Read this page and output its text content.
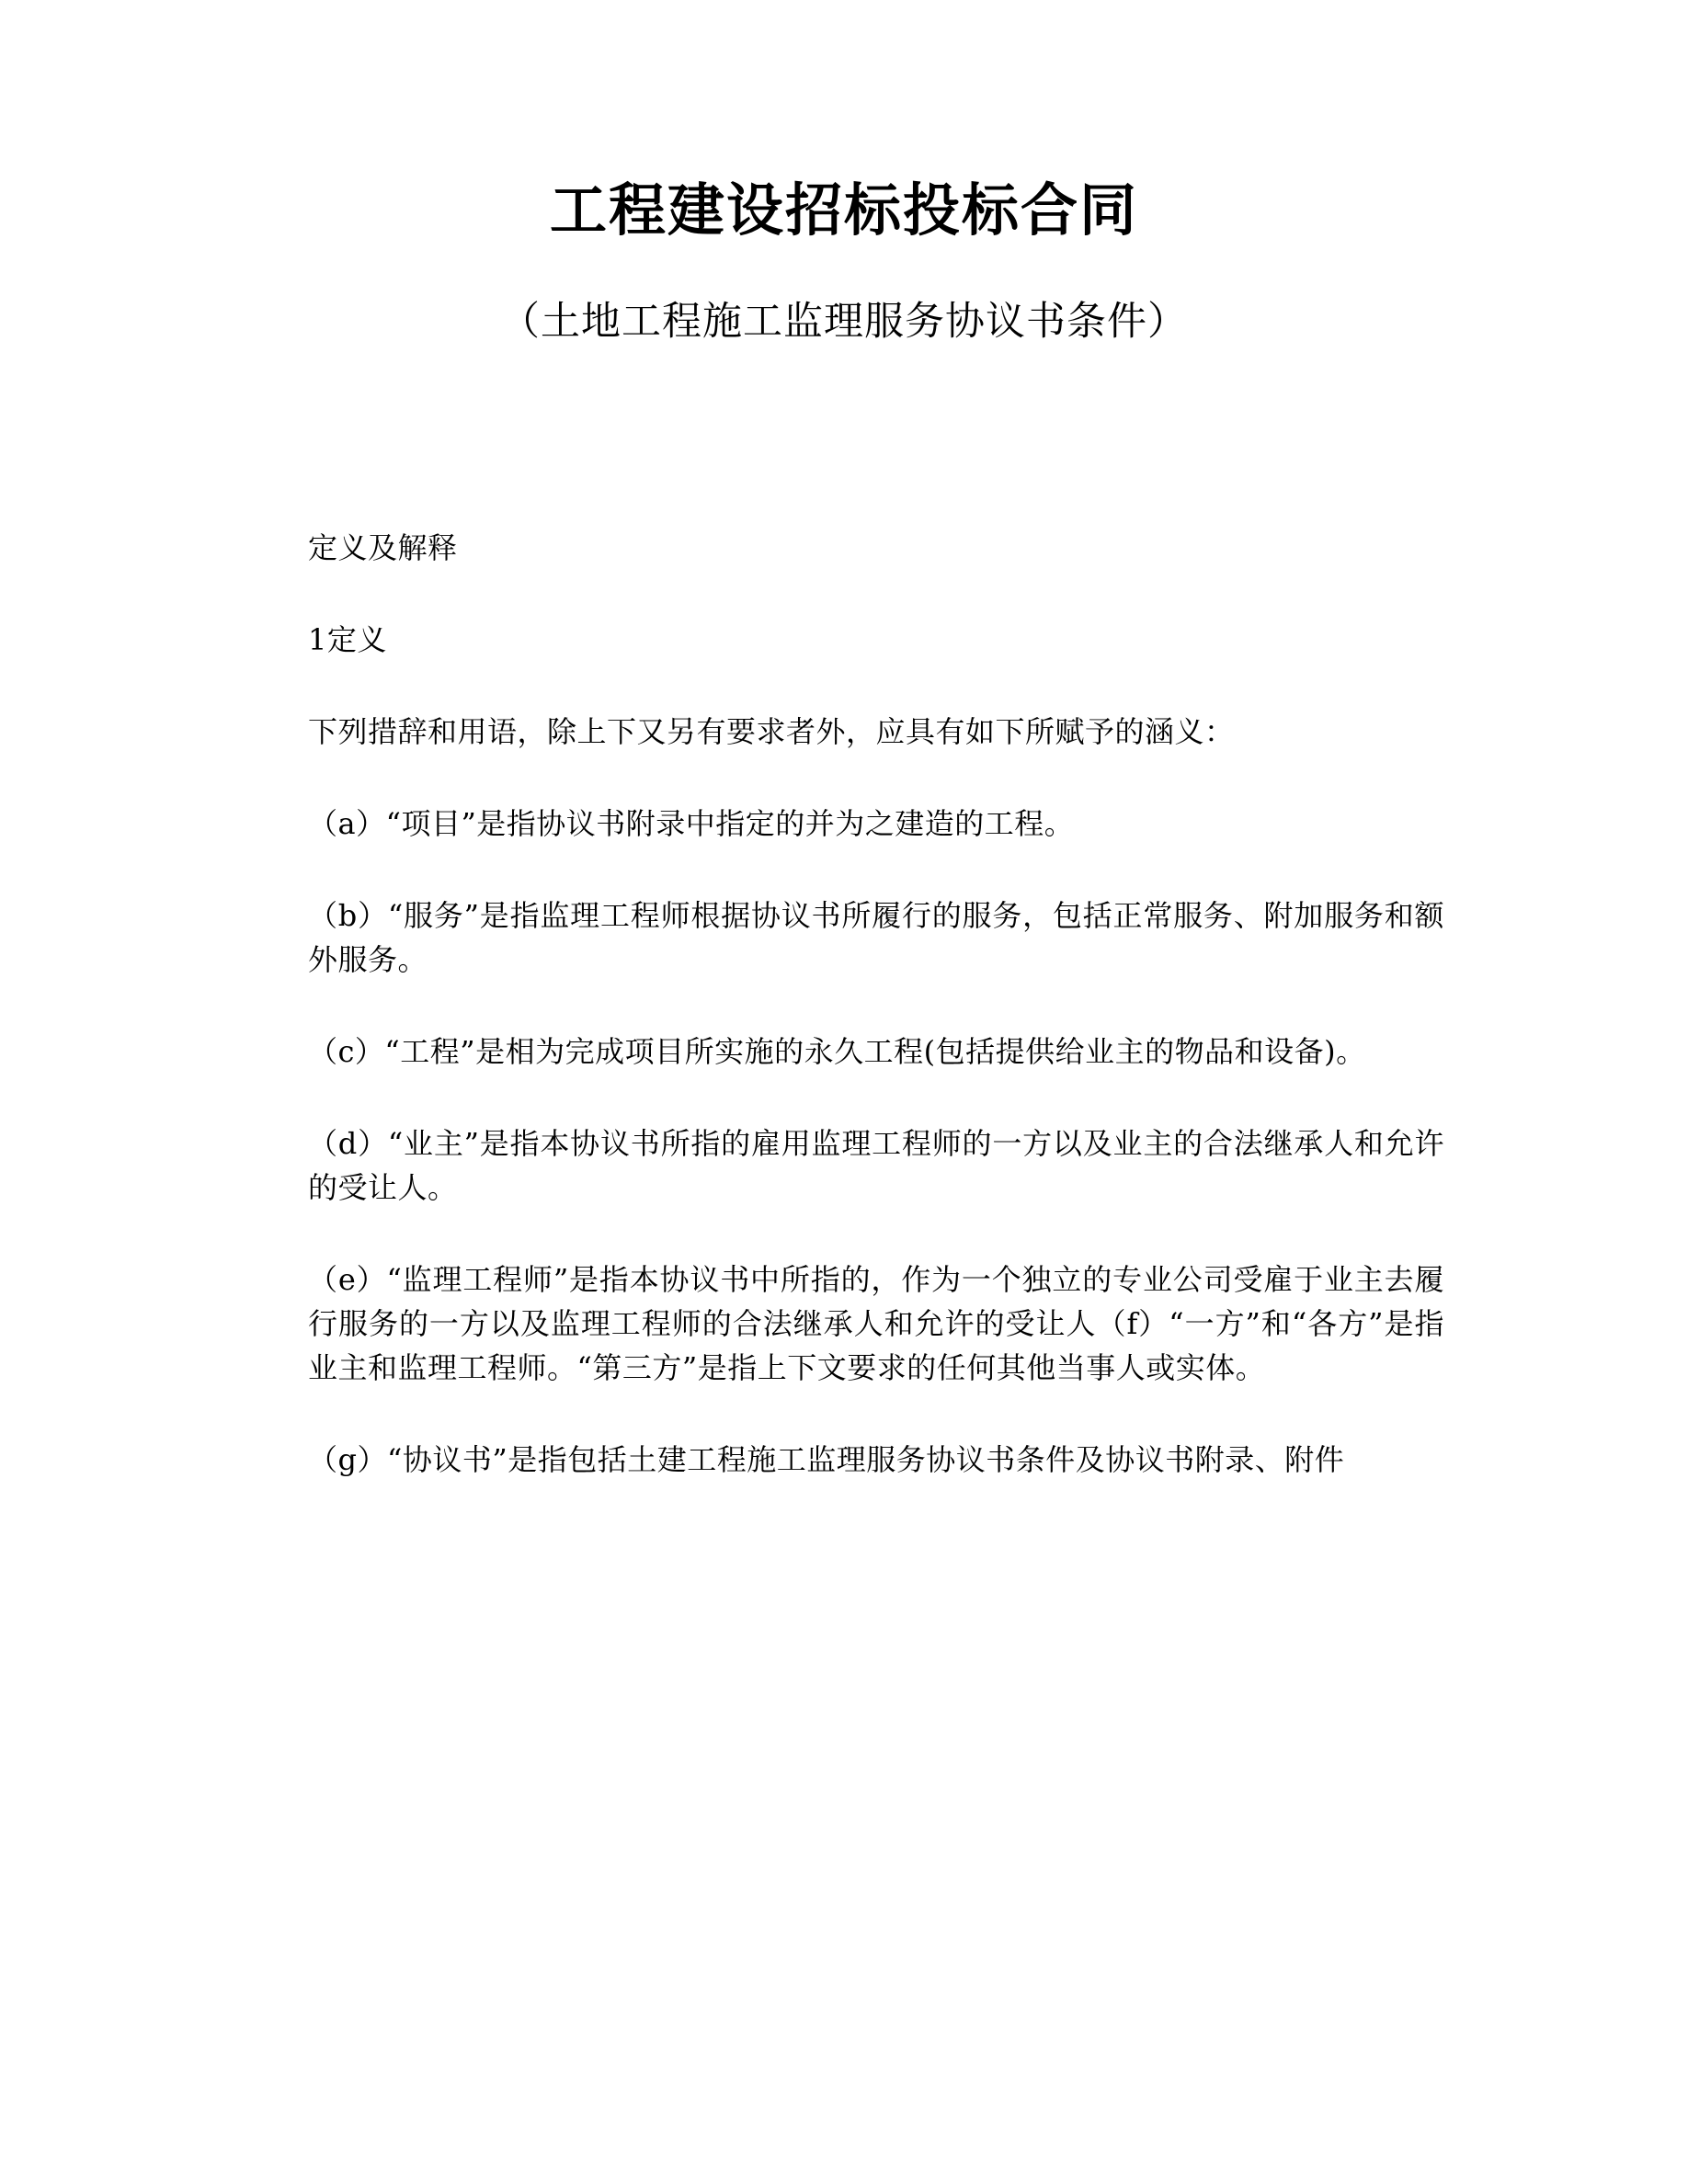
工程建设招标投标合同
（土地工程施工监理服务协议书条件）

定义及解释

1定义

下列措辞和用语，除上下又另有要求者外，应具有如下所赋予的涵义：

（a）“项目”是指协议书附录中指定的并为之建造的工程。

（b）“服务”是指监理工程师根据协议书所履行的服务，包括正常服务、附加服务和额外服务。

（c）“工程”是相为完成项目所实施的永久工程(包括提供给业主的物品和设备)。

（d）“业主”是指本协议书所指的雇用监理工程师的一方以及业主的合法继承人和允许的受让人。

（e）“监理工程师”是指本协议书中所指的，作为一个独立的专业公司受雇于业主去履行服务的一方以及监理工程师的合法继承人和允许的受让人（f）“一方”和“各方”是指业主和监理工程师。“第三方”是指上下文要求的任何其他当事人或实体。

（g）“协议书”是指包括土建工程施工监理服务协议书条件及协议书附录、附件
